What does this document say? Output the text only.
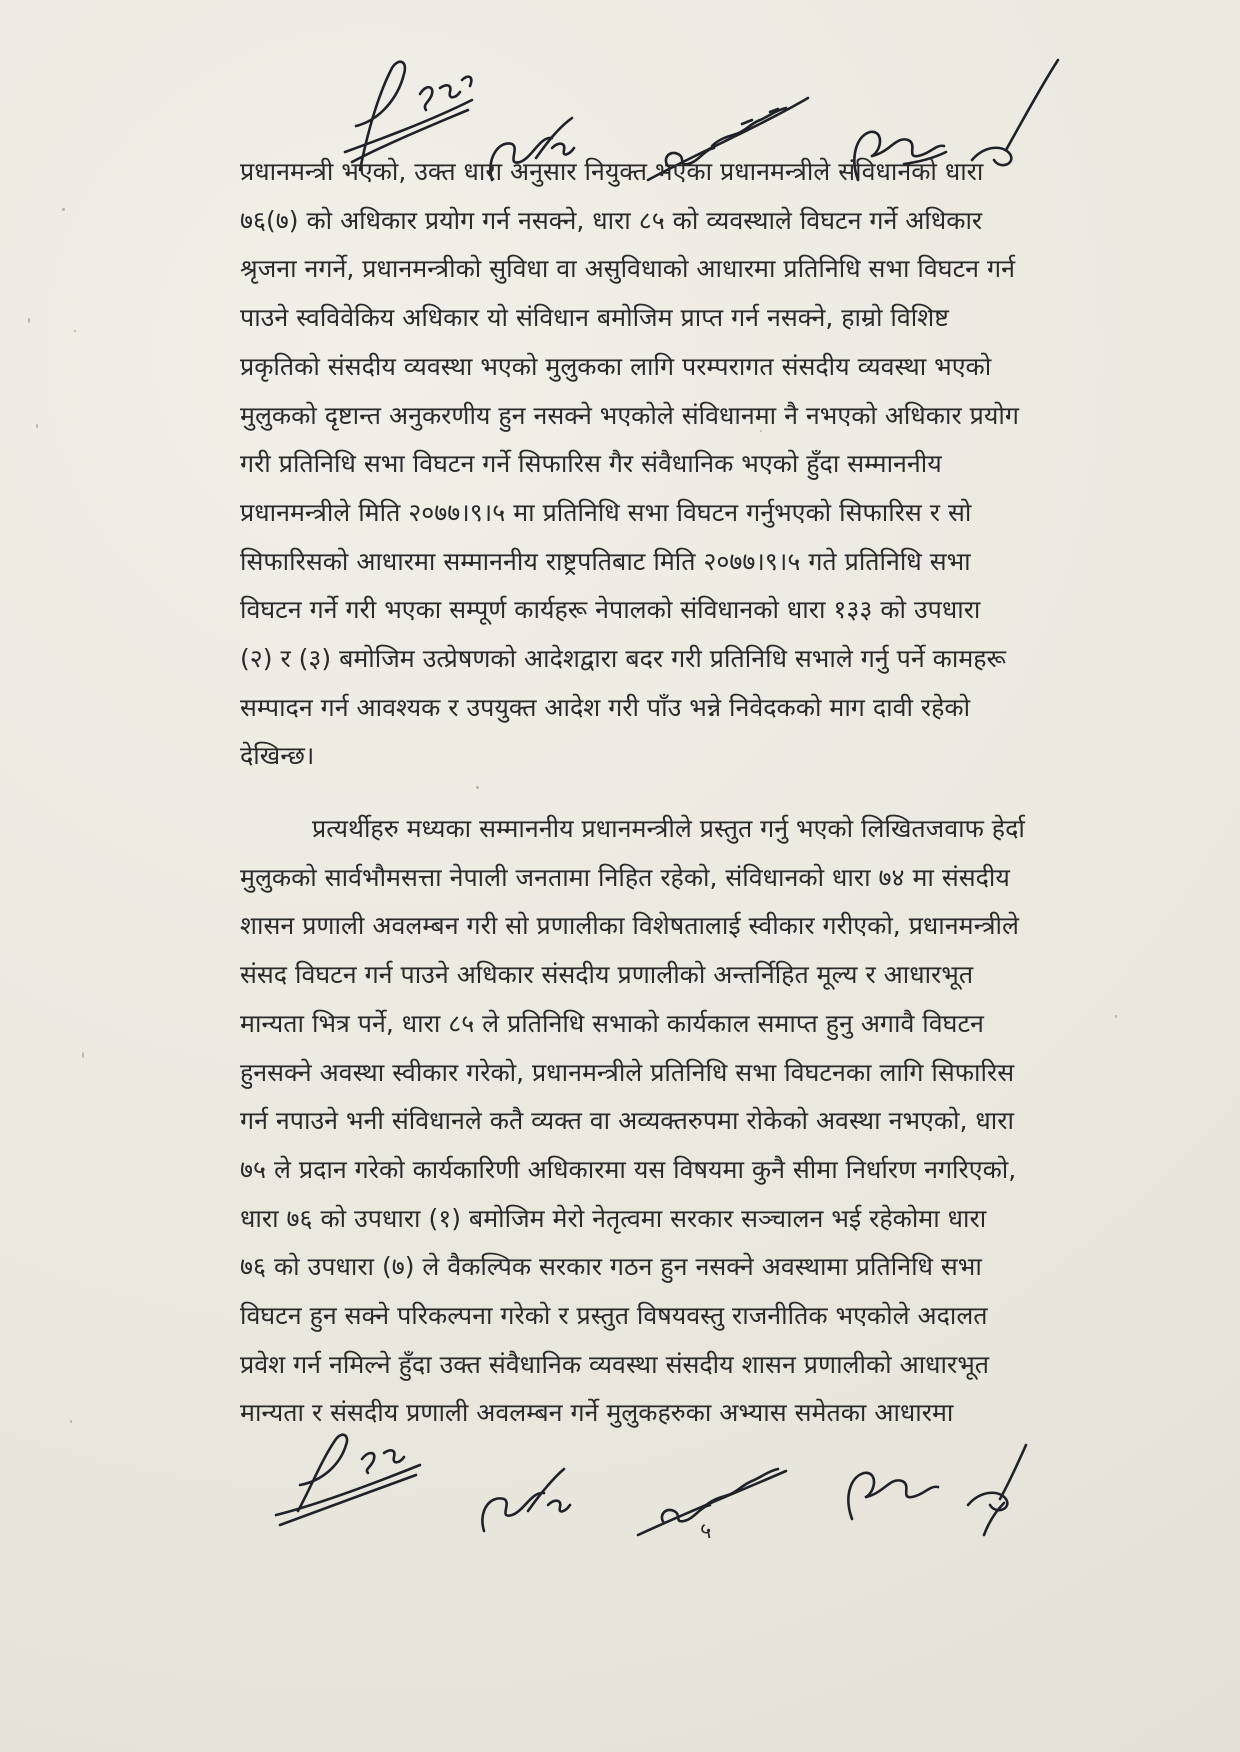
प्रधानमन्त्री भएको, उक्त धारा अनुसार नियुक्त भएका प्रधानमन्त्रीले संविधानको धारा
७६(७) को अधिकार प्रयोग गर्न नसक्ने, धारा ८५ को व्यवस्थाले विघटन गर्ने अधिकार
श्रृजना नगर्ने, प्रधानमन्त्रीको सुविधा वा असुविधाको आधारमा प्रतिनिधि सभा विघटन गर्न
पाउने स्वविवेकिय अधिकार यो संविधान बमोजिम प्राप्त गर्न नसक्ने, हाम्रो विशिष्ट
प्रकृतिको संसदीय व्यवस्था भएको मुलुकका लागि परम्परागत संसदीय व्यवस्था भएको
मुलुकको दृष्टान्त अनुकरणीय हुन नसक्ने भएकोले संविधानमा नै नभएको अधिकार प्रयोग
गरी प्रतिनिधि सभा विघटन गर्ने सिफारिस गैर संवैधानिक भएको हुँदा सम्माननीय
प्रधानमन्त्रीले मिति २०७७।९।५ मा प्रतिनिधि सभा विघटन गर्नुभएको सिफारिस र सो
सिफारिसको आधारमा सम्माननीय राष्ट्रपतिबाट मिति २०७७।९।५ गते प्रतिनिधि सभा
विघटन गर्ने गरी भएका सम्पूर्ण कार्यहरू नेपालको संविधानको धारा १३३ को उपधारा
(२) र (३) बमोजिम उत्प्रेषणको आदेशद्वारा बदर गरी प्रतिनिधि सभाले गर्नु पर्ने कामहरू
सम्पादन गर्न आवश्यक र उपयुक्त आदेश गरी पाँउ भन्ने निवेदकको माग दावी रहेको
देखिन्छ।

प्रत्यर्थीहरु मध्यका सम्माननीय प्रधानमन्त्रीले प्रस्तुत गर्नु भएको लिखितजवाफ हेर्दा
मुलुकको सार्वभौमसत्ता नेपाली जनतामा निहित रहेको, संविधानको धारा ७४ मा संसदीय
शासन प्रणाली अवलम्बन गरी सो प्रणालीका विशेषतालाई स्वीकार गरीएको, प्रधानमन्त्रीले
संसद विघटन गर्न पाउने अधिकार संसदीय प्रणालीको अन्तर्निहित मूल्य र आधारभूत
मान्यता भित्र पर्ने, धारा ८५ ले प्रतिनिधि सभाको कार्यकाल समाप्त हुनु अगावै विघटन
हुनसक्ने अवस्था स्वीकार गरेको, प्रधानमन्त्रीले प्रतिनिधि सभा विघटनका लागि सिफारिस
गर्न नपाउने भनी संविधानले कतै व्यक्त वा अव्यक्तरुपमा रोकेको अवस्था नभएको, धारा
७५ ले प्रदान गरेको कार्यकारिणी अधिकारमा यस विषयमा कुनै सीमा निर्धारण नगरिएको,
धारा ७६ को उपधारा (१) बमोजिम मेरो नेतृत्वमा सरकार सञ्चालन भई रहेकोमा धारा
७६ को उपधारा (७) ले वैकल्पिक सरकार गठन हुन नसक्ने अवस्थामा प्रतिनिधि सभा
विघटन हुन सक्ने परिकल्पना गरेको र प्रस्तुत विषयवस्तु राजनीतिक भएकोले अदालत
प्रवेश गर्न नमिल्ने हुँदा उक्त संवैधानिक व्यवस्था संसदीय शासन प्रणालीको आधारभूत
मान्यता र संसदीय प्रणाली अवलम्बन गर्ने मुलुकहरुका अभ्यास समेतका आधारमा

५
